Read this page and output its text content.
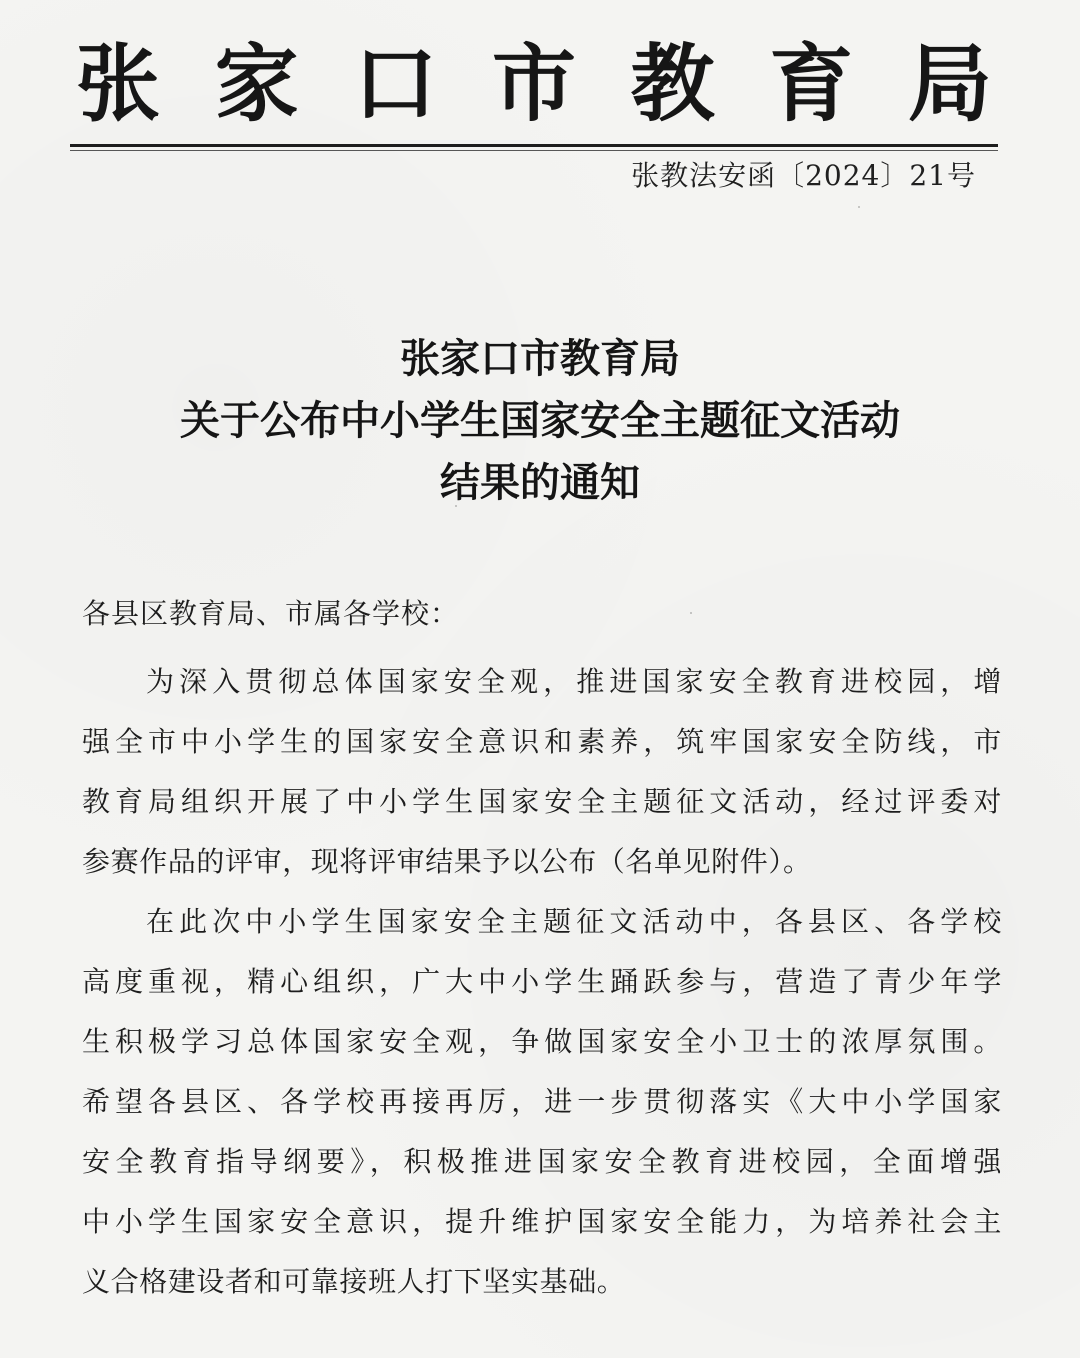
张 家 口 市 教 育 局
张教法安函〔2024〕21号
张家口市教育局
关于公布中小学生国家安全主题征文活动
结果的通知
各县区教育局、市属各学校：
为深入贯彻总体国家安全观，推进国家安全教育进校园，增
强全市中小学生的国家安全意识和素养，筑牢国家安全防线，市
教育局组织开展了中小学生国家安全主题征文活动，经过评委对
参赛作品的评审，现将评审结果予以公布（名单见附件）。
在此次中小学生国家安全主题征文活动中，各县区、各学校
高度重视，精心组织，广大中小学生踊跃参与，营造了青少年学
生积极学习总体国家安全观，争做国家安全小卫士的浓厚氛围。
希望各县区、各学校再接再厉，进一步贯彻落实《大中小学国家
安全教育指导纲要》，积极推进国家安全教育进校园，全面增强
中小学生国家安全意识，提升维护国家安全能力，为培养社会主
义合格建设者和可靠接班人打下坚实基础。
